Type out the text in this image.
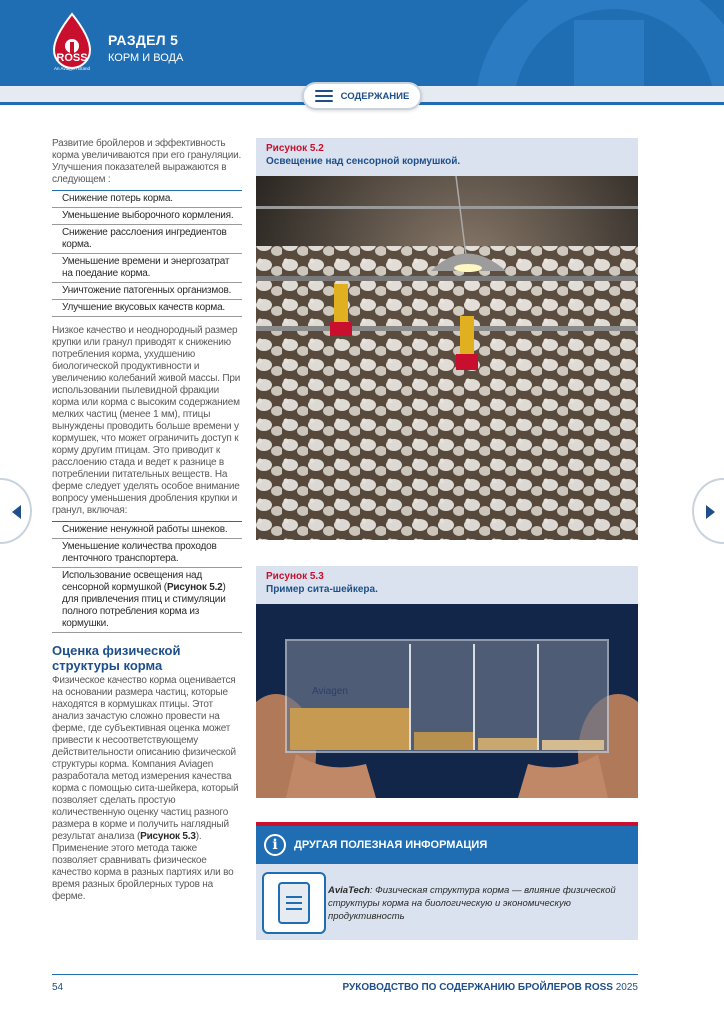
ROSS
An Aviagen Brand
РАЗДЕЛ 5
КОРМ И ВОДА
СОДЕРЖАНИЕ

Развитие бройлеров и эффективность корма увеличиваются при его грануляции. Улучшения показателей выражаются в следующем :

Снижение потерь корма.
Уменьшение выборочного кормления.
Снижение расслоения ингредиентов корма.
Уменьшение времени и энергозатрат на поедание корма.
Уничтожение патогенных организмов.
Улучшение вкусовых качеств корма.

Низкое качество и неоднородный размер крупки или гранул приводят к снижению потребления корма, ухудшению биологической продуктивности и увеличению колебаний живой массы. При использовании пылевидной фракции корма или корма с высоким содержанием мелких частиц (менее 1 мм), птицы вынуждены проводить больше времени у кормушек, что может ограничить доступ к корму другим птицам. Это приводит к расслоению стада и ведет к разнице в потреблении питательных веществ. На ферме следует уделять особое внимание вопросу уменьшения дробления крупки и гранул, включая:

Снижение ненужной работы шнеков.
Уменьшение количества проходов ленточного транспортера.
Использование освещения над сенсорной кормушкой (Рисунок 5.2) для привлечения птиц и стимуляции полного потребления корма из кормушки.
Оценка физической структуры корма

Физическое качество корма оценивается на основании размера частиц, которые находятся в кормушках птицы. Этот анализ зачастую сложно провести на ферме, где субъективная оценка может привести к несоответствующему действительности описанию физической структуры корма. Компания Aviagen разработала метод измерения качества корма с помощью сита-шейкера, который позволяет сделать простую количественную оценку частиц разного размера в корме и получить наглядный результат анализа (Рисунок 5.3). Применение этого метода также позволяет сравнивать физическое качество корма в разных партиях или во время разных бройлерных туров на ферме.

Рисунок 5.2
Освещение над сенсорной кормушкой.
Рисунок 5.3
Пример сита-шейкера.
Aviagen
i	ДРУГАЯ ПОЛЕЗНАЯ ИНФОРМАЦИЯ

AviaTech: Физическая структура корма — влияние физической структуры корма на биологическую и экономическую продуктивность

54	РУКОВОДСТВО ПО СОДЕРЖАНИЮ БРОЙЛЕРОВ ROSS 2025
